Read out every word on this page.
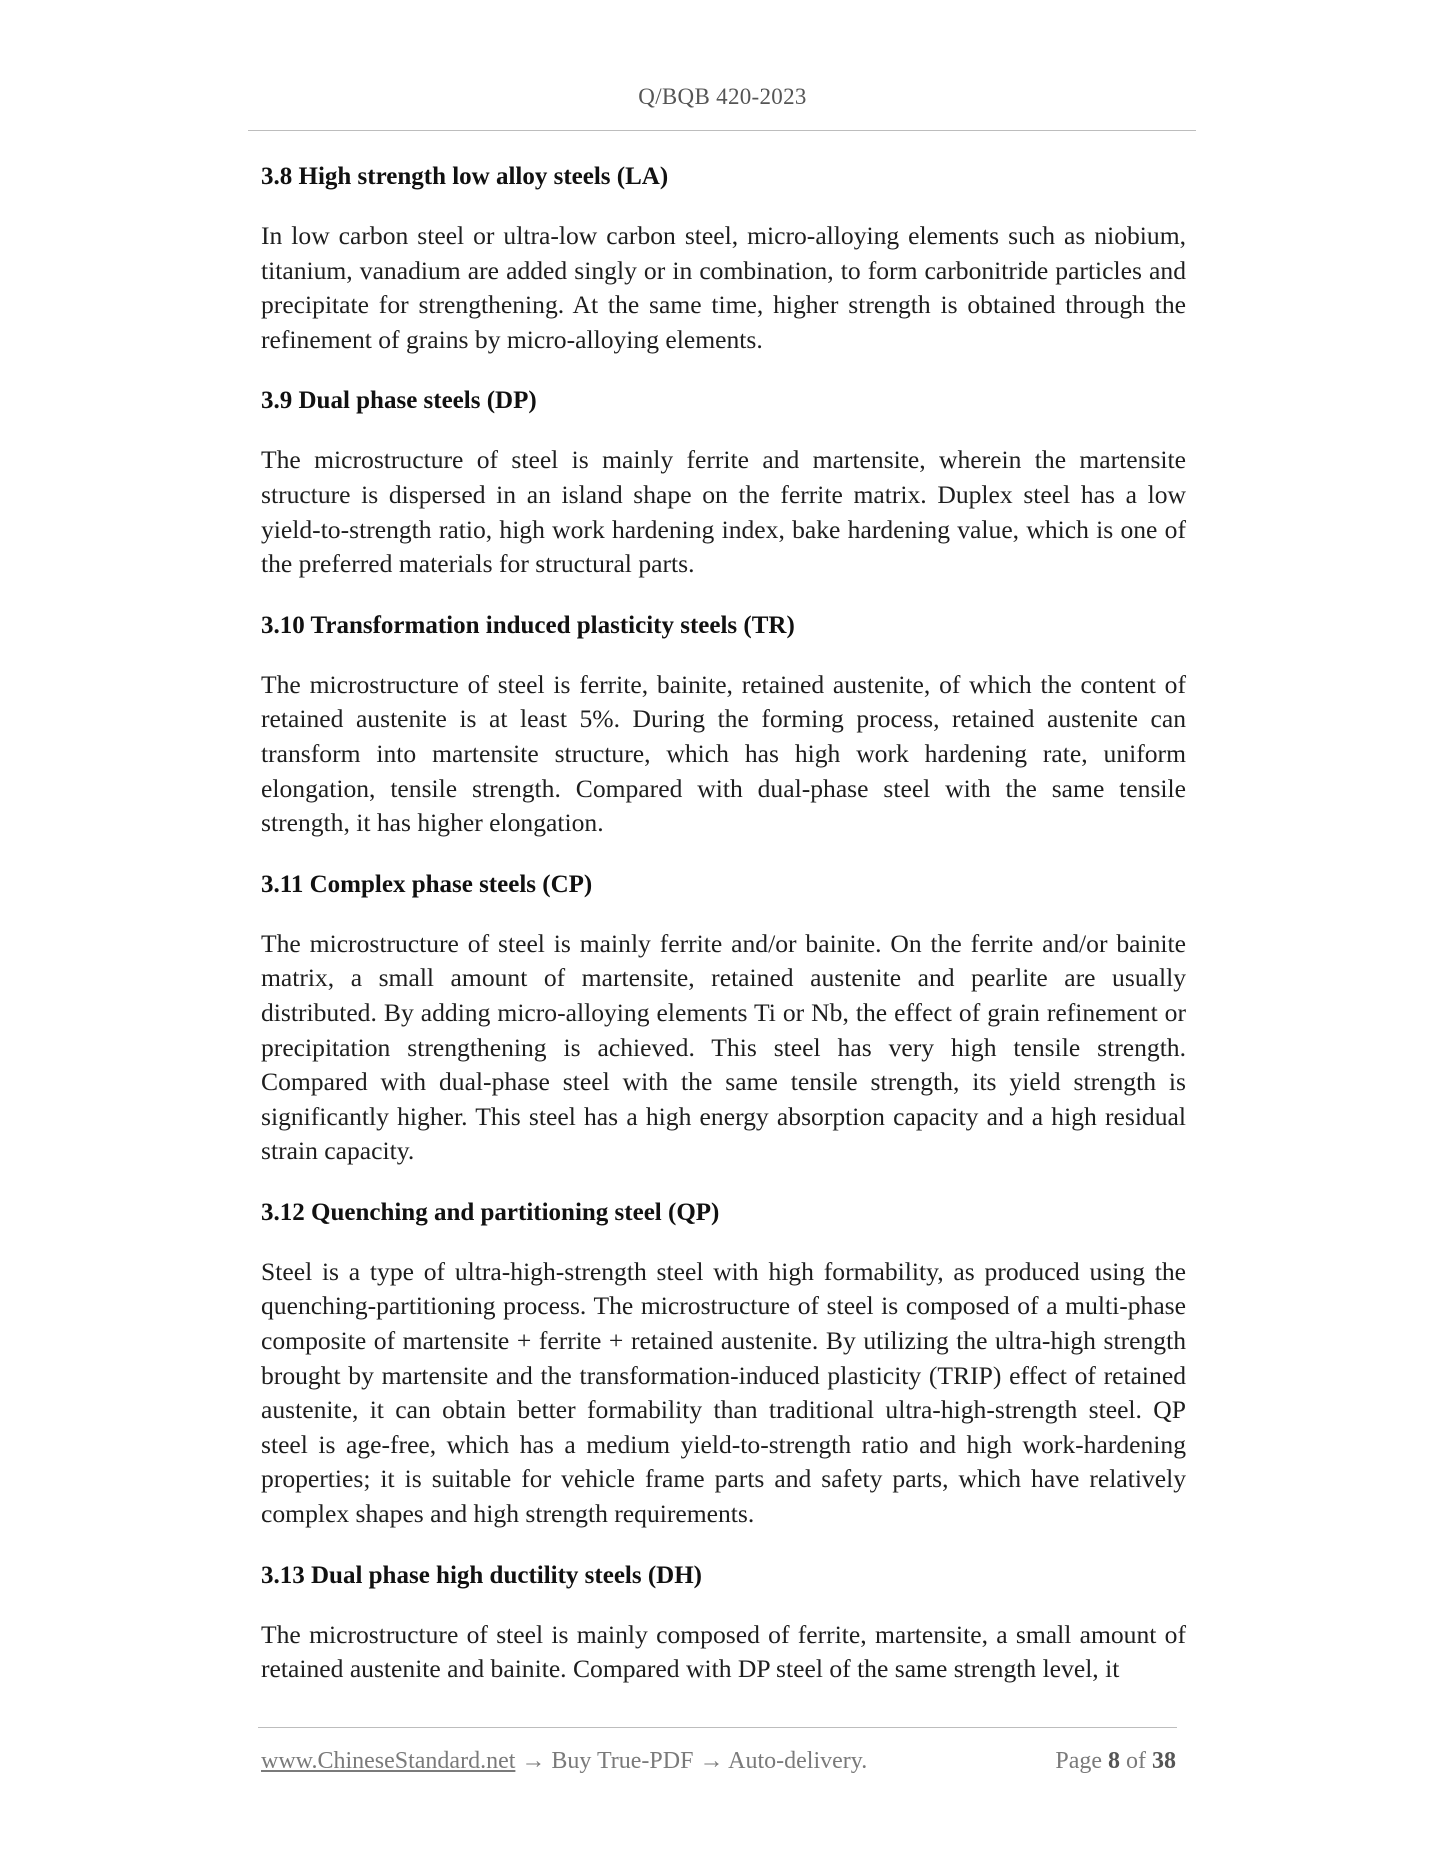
Q/BQB 420-2023
3.8 High strength low alloy steels (LA)
In low carbon steel or ultra-low carbon steel, micro-alloying elements such as niobium, titanium, vanadium are added singly or in combination, to form carbonitride particles and precipitate for strengthening. At the same time, higher strength is obtained through the refinement of grains by micro-alloying elements.
3.9 Dual phase steels (DP)
The microstructure of steel is mainly ferrite and martensite, wherein the martensite structure is dispersed in an island shape on the ferrite matrix. Duplex steel has a low yield-to-strength ratio, high work hardening index, bake hardening value, which is one of the preferred materials for structural parts.
3.10 Transformation induced plasticity steels (TR)
The microstructure of steel is ferrite, bainite, retained austenite, of which the content of retained austenite is at least 5%. During the forming process, retained austenite can transform into martensite structure, which has high work hardening rate, uniform elongation, tensile strength. Compared with dual-phase steel with the same tensile strength, it has higher elongation.
3.11 Complex phase steels (CP)
The microstructure of steel is mainly ferrite and/or bainite. On the ferrite and/or bainite matrix, a small amount of martensite, retained austenite and pearlite are usually distributed. By adding micro-alloying elements Ti or Nb, the effect of grain refinement or precipitation strengthening is achieved. This steel has very high tensile strength. Compared with dual-phase steel with the same tensile strength, its yield strength is significantly higher. This steel has a high energy absorption capacity and a high residual strain capacity.
3.12 Quenching and partitioning steel (QP)
Steel is a type of ultra-high-strength steel with high formability, as produced using the quenching-partitioning process. The microstructure of steel is composed of a multi-phase composite of martensite + ferrite + retained austenite. By utilizing the ultra-high strength brought by martensite and the transformation-induced plasticity (TRIP) effect of retained austenite, it can obtain better formability than traditional ultra-high-strength steel. QP steel is age-free, which has a medium yield-to-strength ratio and high work-hardening properties; it is suitable for vehicle frame parts and safety parts, which have relatively complex shapes and high strength requirements.
3.13 Dual phase high ductility steels (DH)
The microstructure of steel is mainly composed of ferrite, martensite, a small amount of retained austenite and bainite. Compared with DP steel of the same strength level, it
www.ChineseStandard.net → Buy True-PDF → Auto-delivery.	Page 8 of 38
